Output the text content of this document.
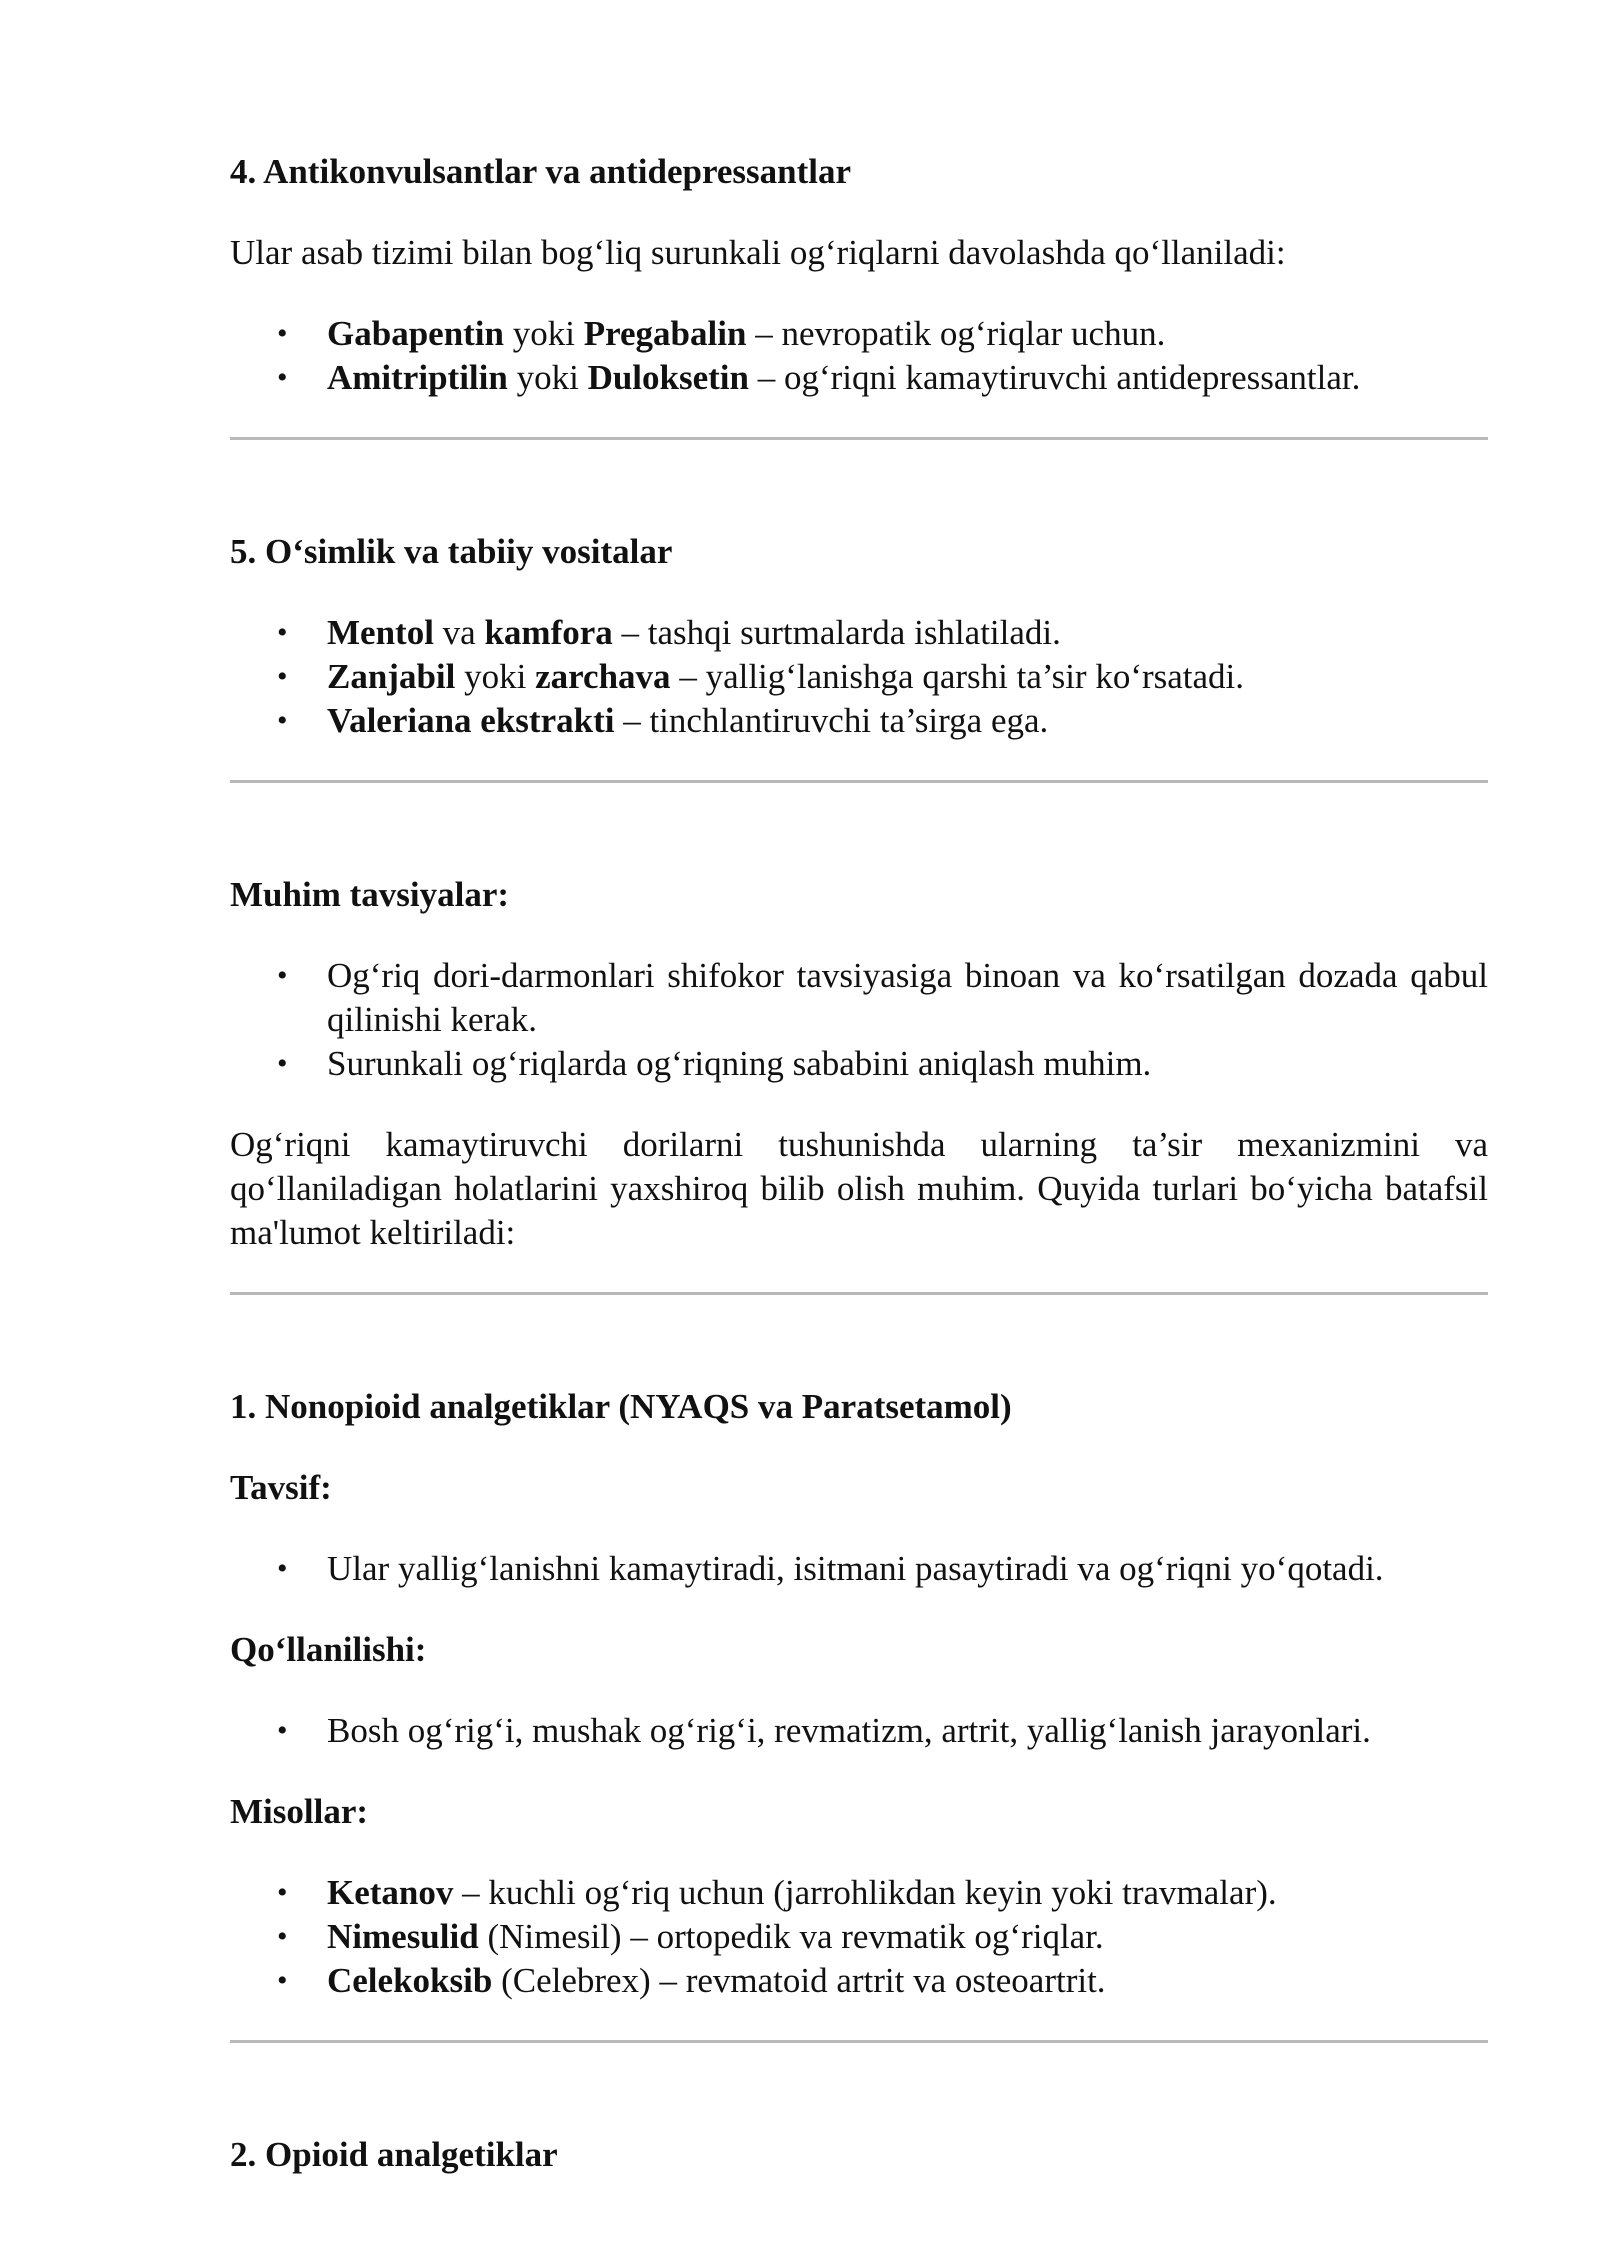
4. Antikonvulsantlar va antidepressantlar

Ular asab tizimi bilan bog‘liq surunkali og‘riqlarni davolashda qo‘llaniladi:

• Gabapentin yoki Pregabalin – nevropatik og‘riqlar uchun.
• Amitriptilin yoki Duloksetin – og‘riqni kamaytiruvchi antidepressantlar.
5. O‘simlik va tabiiy vositalar
• Mentol va kamfora – tashqi surtmalarda ishlatiladi.
• Zanjabil yoki zarchava – yallig‘lanishga qarshi ta’sir ko‘rsatadi.
• Valeriana ekstrakti – tinchlantiruvchi ta’sirga ega.
Muhim tavsiyalar:
• Og‘riq dori-darmonlari shifokor tavsiyasiga binoan va ko‘rsatilgan dozada qabul qilinishi kerak.
• Surunkali og‘riqlarda og‘riqning sababini aniqlash muhim.

Og‘riqni kamaytiruvchi dorilarni tushunishda ularning ta’sir mexanizmini va qo‘llaniladigan holatlarini yaxshiroq bilib olish muhim. Quyida turlari bo‘yicha batafsil ma'lumot keltiriladi:

1. Nonopioid analgetiklar (NYAQS va Paratsetamol)
Tavsif:
• Ular yallig‘lanishni kamaytiradi, isitmani pasaytiradi va og‘riqni yo‘qotadi.
Qo‘llanilishi:
• Bosh og‘rig‘i, mushak og‘rig‘i, revmatizm, artrit, yallig‘lanish jarayonlari.
Misollar:
• Ketanov – kuchli og‘riq uchun (jarrohlikdan keyin yoki travmalar).
• Nimesulid (Nimesil) – ortopedik va revmatik og‘riqlar.
• Celekoksib (Celebrex) – revmatoid artrit va osteoartrit.
2. Opioid analgetiklar
